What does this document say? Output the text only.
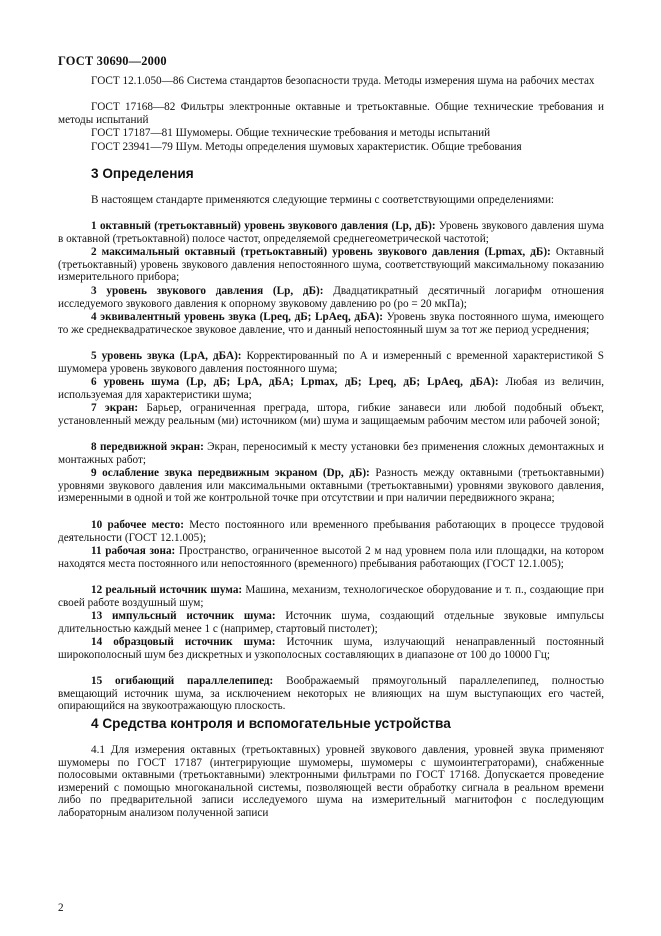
ГОСТ 30690—2000

ГОСТ 12.1.050—86 Система стандартов безопасности труда. Методы измерения шума на рабочих местах

ГОСТ 17168—82 Фильтры электронные октавные и третьоктавные. Общие технические требования и методы испытаний

ГОСТ 17187—81 Шумомеры. Общие технические требования и методы испытаний

ГОСТ 23941—79 Шум. Методы определения шумовых характеристик. Общие требования

3 Определения

В настоящем стандарте применяются следующие термины с соответствующими определениями:

1 октавный (третьоктавный) уровень звукового давления (Lp, дБ): Уровень звукового давления шума в октавной (третьоктавной) полосе частот, определяемой среднегеометрической частотой;

2 максимальный октавный (третьоктавный) уровень звукового давления (Lpmax, дБ): Октавный (третьоктавный) уровень звукового давления непостоянного шума, соответствующий максимальному показанию измерительного прибора;

3 уровень звукового давления (Lp, дБ): Двадцатикратный десятичный логарифм отношения исследуемого звукового давления к опорному звуковому давлению pо (pо = 20 мкПа);

4 эквивалентный уровень звука (Lpeq, дБ; LpAeq, дБA): Уровень звука постоянного шума, имеющего то же среднеквадратическое звуковое давление, что и данный непостоянный шум за тот же период усреднения;

5 уровень звука (LpA, дБA): Корректированный по A и измеренный с временной характеристикой S шумомера уровень звукового давления постоянного шума;

6 уровень шума (Lp, дБ; LpA, дБA; Lpmax, дБ; Lpeq, дБ; LpAeq, дБA): Любая из величин, используемая для характеристики шума;

7 экран: Барьер, ограниченная преграда, штора, гибкие занавеси или любой подобный объект, установленный между реальным (ми) источником (ми) шума и защищаемым рабочим местом или рабочей зоной;

8 передвижной экран: Экран, переносимый к месту установки без применения сложных демонтажных и монтажных работ;

9 ослабление звука передвижным экраном (Dp, дБ): Разность между октавными (третьоктавными) уровнями звукового давления или максимальными октавными (третьоктавными) уровнями звукового давления, измеренными в одной и той же контрольной точке при отсутствии и при наличии передвижного экрана;

10 рабочее место: Место постоянного или временного пребывания работающих в процессе трудовой деятельности (ГОСТ 12.1.005);

11 рабочая зона: Пространство, ограниченное высотой 2 м над уровнем пола или площадки, на котором находятся места постоянного или непостоянного (временного) пребывания работающих (ГОСТ 12.1.005);

12 реальный источник шума: Машина, механизм, технологическое оборудование и т. п., создающие при своей работе воздушный шум;

13 импульсный источник шума: Источник шума, создающий отдельные звуковые импульсы длительностью каждый менее 1 с (например, стартовый пистолет);

14 образцовый источник шума: Источник шума, излучающий ненаправленный постоянный широкополосный шум без дискретных и узкополосных составляющих в диапазоне от 100 до 10000 Гц;

15 огибающий параллелепипед: Воображаемый прямоугольный параллелепипед, полностью вмещающий источник шума, за исключением некоторых не влияющих на шум выступающих его частей, опирающийся на звукоотражающую плоскость.

4 Средства контроля и вспомогательные устройства

4.1 Для измерения октавных (третьоктавных) уровней звукового давления, уровней звука применяют шумомеры по ГОСТ 17187 (интегрирующие шумомеры, шумомеры с шумоинтеграторами), снабженные полосовыми октавными (третьоктавными) электронными фильтрами по ГОСТ 17168. Допускается проведение измерений с помощью многоканальной системы, позволяющей вести обработку сигнала в реальном времени либо по предварительной записи исследуемого шума на измерительный магнитофон с последующим лабораторным анализом полученной записи

2
